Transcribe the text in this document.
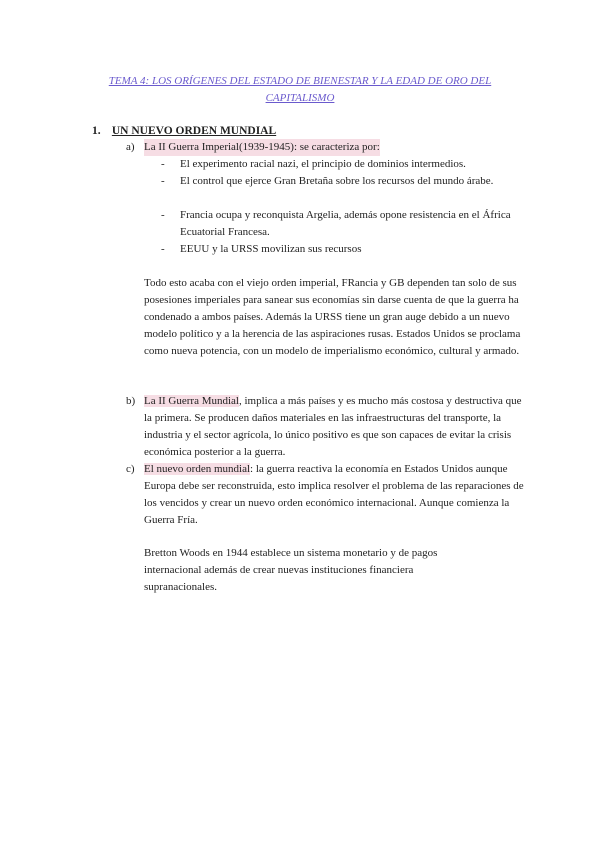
TEMA 4: LOS ORÍGENES DEL ESTADO DE BIENESTAR Y LA EDAD DE ORO DEL CAPITALISMO
1. UN NUEVO ORDEN MUNDIAL
a) La II Guerra Imperial(1939-1945): se caracteriza por:
- El experimento racial nazi, el principio de dominios intermedios.
- El control que ejerce Gran Bretaña sobre los recursos del mundo árabe.
- Francia ocupa y reconquista Argelia, además opone resistencia en el África Ecuatorial Francesa.
- EEUU y la URSS movilizan sus recursos
Todo esto acaba con el viejo orden imperial, FRancia y GB dependen tan solo de sus posesiones imperiales para sanear sus economías sin darse cuenta de que la guerra ha condenado a ambos países. Además la URSS tiene un gran auge debido a un nuevo modelo político y a la herencia de las aspiraciones rusas. Estados Unidos se proclama como nueva potencia, con un modelo de imperialismo económico, cultural y armado.
b) La II Guerra Mundial, implica a más países y es mucho más costosa y destructiva que la primera. Se producen daños materiales en las infraestructuras del transporte, la industria y el sector agrícola, lo único positivo es que son capaces de evitar la crisis económica posterior a la guerra.
c) El nuevo orden mundial: la guerra reactiva la economía en Estados Unidos aunque Europa debe ser reconstruida, esto implica resolver el problema de las reparaciones de los vencidos y crear un nuevo orden económico internacional. Aunque comienza la Guerra Fría.
Bretton Woods en 1944 establece un sistema monetario y de pagos internacional además de crear nuevas instituciones financiera supranacionales.
